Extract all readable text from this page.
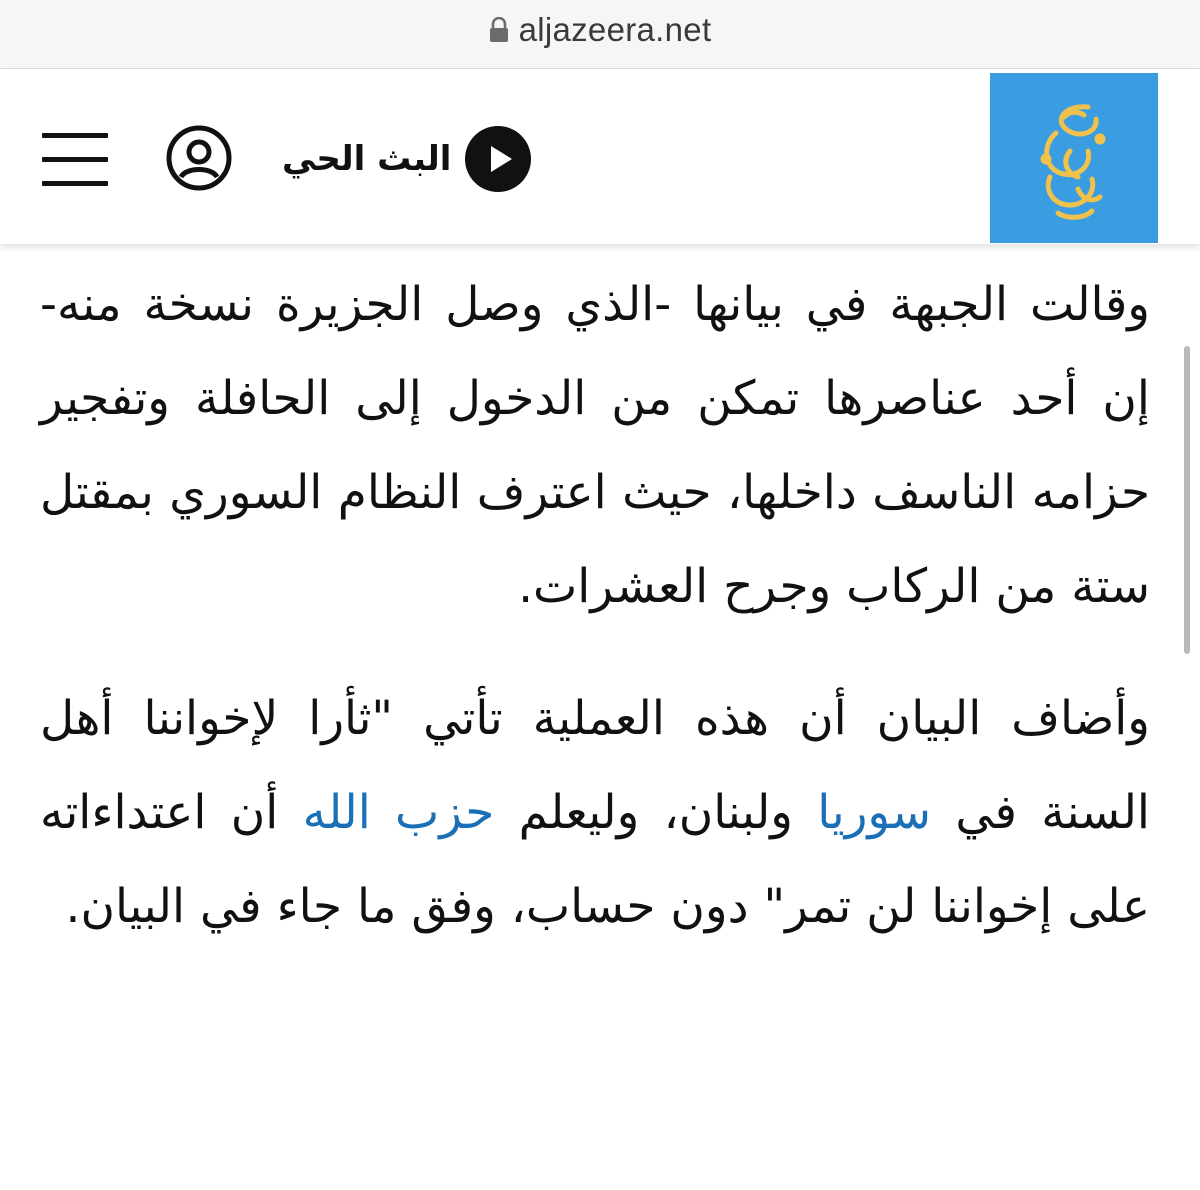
aljazeera.net
البث الحي

وقالت الجبهة في بيانها -الذي وصل الجزيرة نسخة منه- إن أحد عناصرها تمكن من الدخول إلى الحافلة وتفجير حزامه الناسف داخلها، حيث اعترف النظام السوري بمقتل ستة من الركاب وجرح العشرات.

وأضاف البيان أن هذه العملية تأتي "ثأرا لإخواننا أهل السنة في سوريا ولبنان، وليعلم حزب الله أن اعتداءاته على إخواننا لن تمر" دون حساب، وفق ما جاء في البيان.
